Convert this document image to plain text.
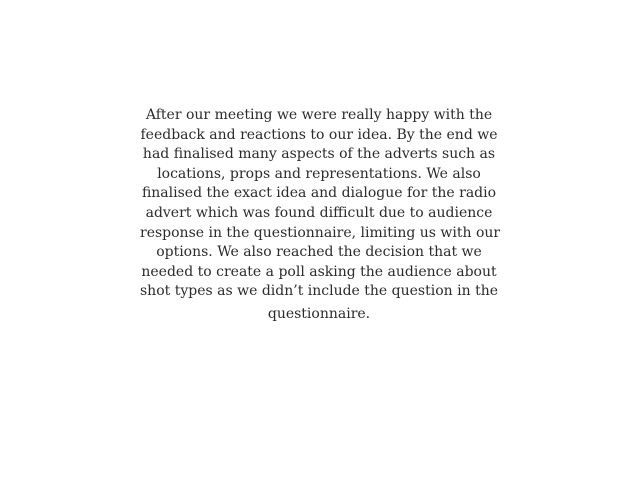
After our meeting we were really happy with the
feedback and reactions to our idea. By the end we
had finalised many aspects of the adverts such as
locations, props and representations. We also
finalised the exact idea and dialogue for the radio
advert which was found difficult due to audience
response in the questionnaire, limiting us with our
options. We also reached the decision that we
needed to create a poll asking the audience about
shot types as we didn’t include the question in the
questionnaire.
